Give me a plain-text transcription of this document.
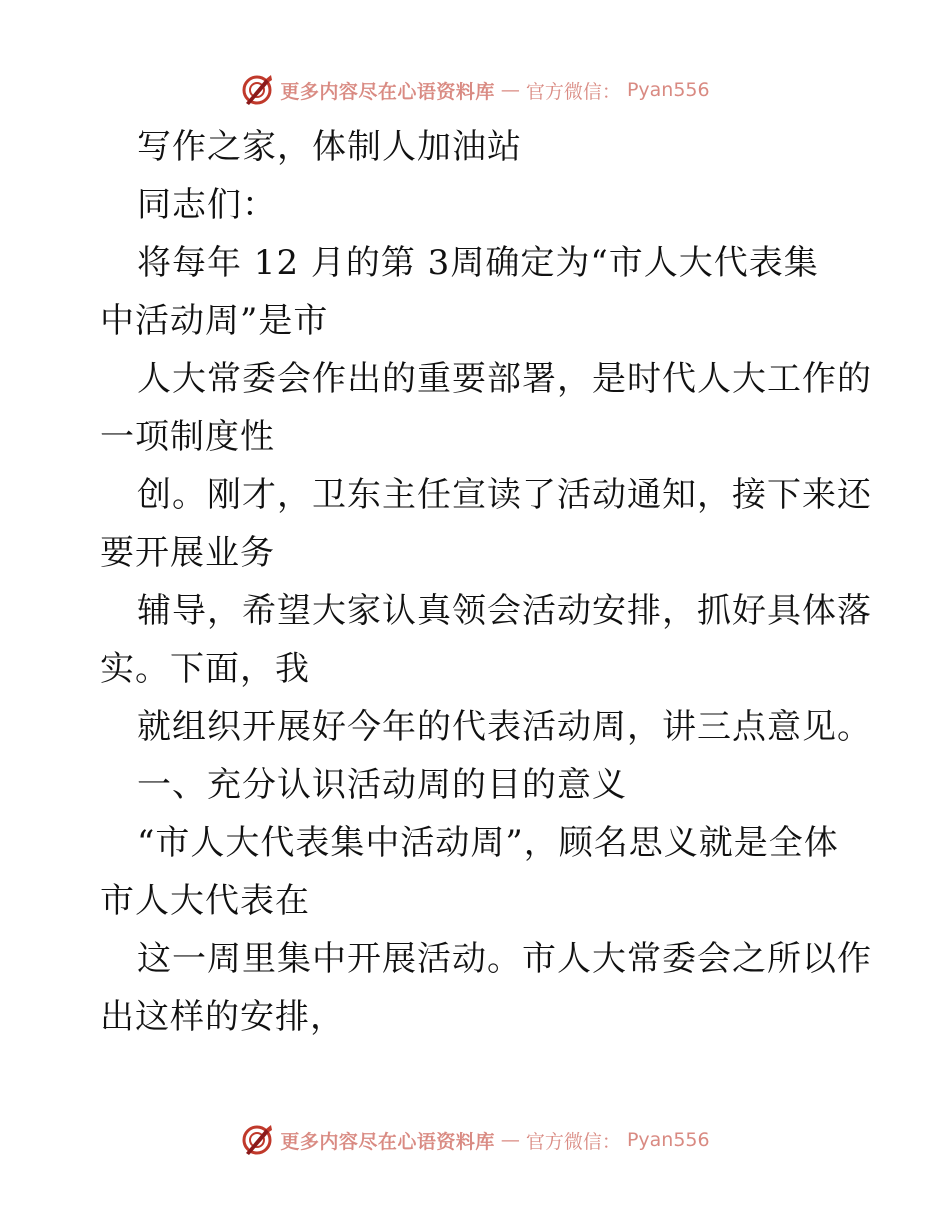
更多内容尽在心语资料库 — 官方微信： Pyan556
写作之家，体制人加油站
同志们：
将每年 12 月的第 3周确定为“市人大代表集
中活动周”是市
人大常委会作出的重要部署，是时代人大工作的
一项制度性
创。刚才，卫东主任宣读了活动通知，接下来还
要开展业务
辅导，希望大家认真领会活动安排，抓好具体落
实。下面，我
就组织开展好今年的代表活动周，讲三点意见。
一、充分认识活动周的目的意义
“市人大代表集中活动周”，顾名思义就是全体
市人大代表在
这一周里集中开展活动。市人大常委会之所以作
出这样的安排，
更多内容尽在心语资料库 — 官方微信： Pyan556
